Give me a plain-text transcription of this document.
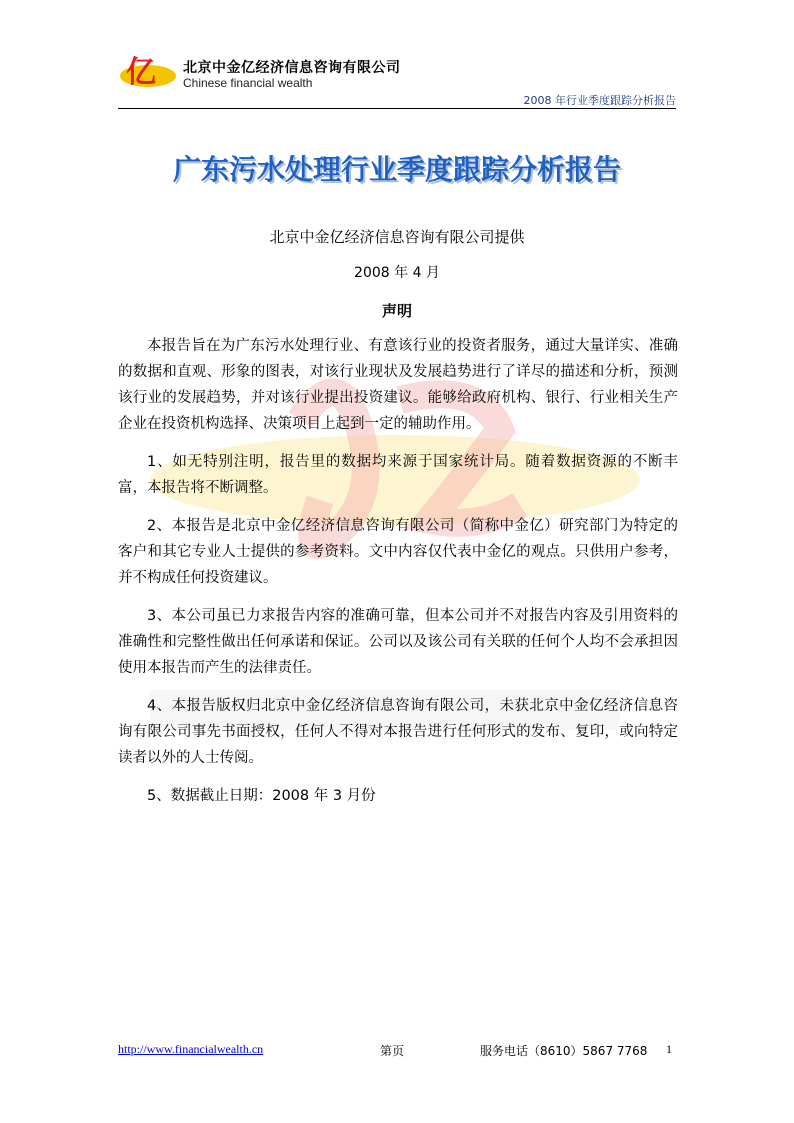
亿 北京中金亿经济信息咨询有限公司
Chinese financial wealth
2008 年行业季度跟踪分析报告
广东污水处理行业季度跟踪分析报告
北京中金亿经济信息咨询有限公司提供
2008 年 4 月
声明

本报告旨在为广东污水处理行业、有意该行业的投资者服务，通过大量详实、准确的数据和直观、形象的图表，对该行业现状及发展趋势进行了详尽的描述和分析，预测该行业的发展趋势，并对该行业提出投资建议。能够给政府机构、银行、行业相关生产企业在投资机构选择、决策项目上起到一定的辅助作用。

1、如无特别注明，报告里的数据均来源于国家统计局。随着数据资源的不断丰富，本报告将不断调整。

2、本报告是北京中金亿经济信息咨询有限公司（简称中金亿）研究部门为特定的客户和其它专业人士提供的参考资料。文中内容仅代表中金亿的观点。只供用户参考，并不构成任何投资建议。

3、本公司虽已力求报告内容的准确可靠，但本公司并不对报告内容及引用资料的准确性和完整性做出任何承诺和保证。公司以及该公司有关联的任何个人均不会承担因使用本报告而产生的法律责任。

4、本报告版权归北京中金亿经济信息咨询有限公司，未获北京中金亿经济信息咨询有限公司事先书面授权，任何人不得对本报告进行任何形式的发布、复印，或向特定读者以外的人士传阅。

5、数据截止日期：2008 年 3 月份

http://www.financialwealth.cn	第页	服务电话（8610）5867 7768 1
